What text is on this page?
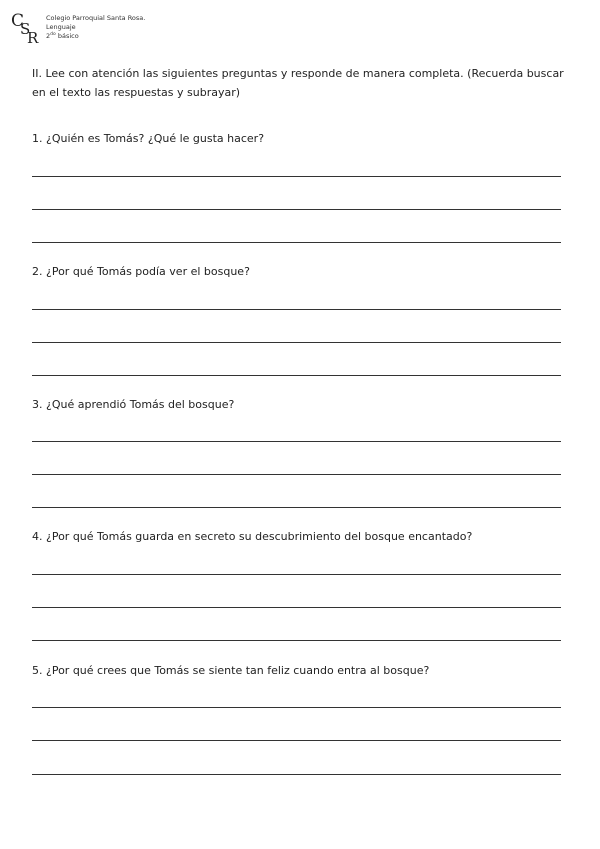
C
S
R
Colegio Parroquial Santa Rosa.
Lenguaje
$2^{do}$ básico
II. Lee con atención las siguientes preguntas y responde de manera completa. (Recuerda buscar en el texto las respuestas y subrayar)
1. ¿Quién es Tomás? ¿Qué le gusta hacer?
2. ¿Por qué Tomás podía ver el bosque?
3. ¿Qué aprendió Tomás del bosque?
4. ¿Por qué Tomás guarda en secreto su descubrimiento del bosque encantado?
5. ¿Por qué crees que Tomás se siente tan feliz cuando entra al bosque?
